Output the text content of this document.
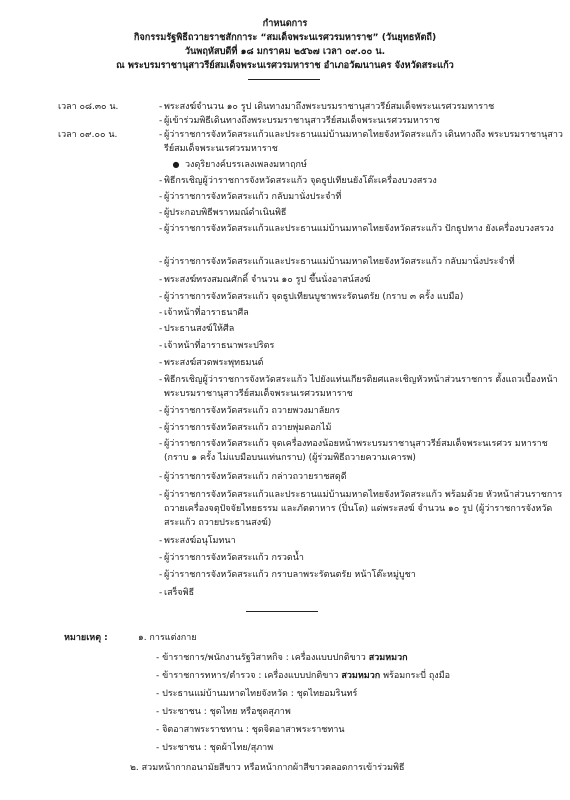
กำหนดการ
กิจกรรมรัฐพิธีถวายราชสักการะ “สมเด็จพระนเรศวรมหาราช” (วันยุทธหัตถี)
วันพฤหัสบดีที่ ๑๘ มกราคม ๒๕๖๗ เวลา ๐๙.๐๐ น.
ณ พระบรมราชานุสาวรีย์สมเด็จพระนเรศวรมหาราช อำเภอวัฒนานคร จังหวัดสระแก้ว
เวลา ๐๘.๓๐ น.
เวลา ๐๙.๐๐ น.
- พระสงฆ์จำนวน ๑๐ รูป เดินทางมาถึงพระบรมราชานุสาวรีย์สมเด็จพระนเรศวรมหาราช
- ผู้เข้าร่วมพิธีเดินทางถึงพระบรมราชานุสาวรีย์สมเด็จพระนเรศวรมหาราช
- ผู้ว่าราชการจังหวัดสระแก้วและประธานแม่บ้านมหาดไทยจังหวัดสระแก้ว เดินทางถึง พระบรมราชานุสาวรีย์สมเด็จพระนเรศวรมหาราช
● วงดุริยางค์บรรเลงเพลงมหาฤกษ์
- พิธีกรเชิญผู้ว่าราชการจังหวัดสระแก้ว จุดธูปเทียนยังโต๊ะเครื่องบวงสรวง
- ผู้ว่าราชการจังหวัดสระแก้ว กลับมานั่งประจำที่
- ผู้ประกอบพิธีพราหมณ์ดำเนินพิธี
- ผู้ว่าราชการจังหวัดสระแก้วและประธานแม่บ้านมหาดไทยจังหวัดสระแก้ว ปักธูปหาง ยังเครื่องบวงสรวง
- ผู้ว่าราชการจังหวัดสระแก้วและประธานแม่บ้านมหาดไทยจังหวัดสระแก้ว กลับมานั่งประจำที่
- พระสงฆ์ทรงสมณศักดิ์ จำนวน ๑๐ รูป ขึ้นนั่งอาสน์สงฆ์
- ผู้ว่าราชการจังหวัดสระแก้ว จุดธูปเทียนบูชาพระรัตนตรัย (กราบ ๓ ครั้ง แบมือ)
- เจ้าหน้าที่อาราธนาศีล
- ประธานสงฆ์ให้ศีล
- เจ้าหน้าที่อาราธนาพระปริตร
- พระสงฆ์สวดพระพุทธมนต์
- พิธีกรเชิญผู้ว่าราชการจังหวัดสระแก้ว ไปยังแท่นเกียรติยศและเชิญหัวหน้าส่วนราชการ ตั้งแถวเบื้องหน้าพระบรมราชานุสาวรีย์สมเด็จพระนเรศวรมหาราช
- ผู้ว่าราชการจังหวัดสระแก้ว ถวายพวงมาลัยกร
- ผู้ว่าราชการจังหวัดสระแก้ว ถวายพุ่มดอกไม้
- ผู้ว่าราชการจังหวัดสระแก้ว จุดเครื่องทองน้อยหน้าพระบรมราชานุสาวรีย์สมเด็จพระนเรศวร มหาราช (กราบ ๑ ครั้ง ไม่แบมือบนแท่นกราบ) (ผู้ร่วมพิธีถวายความเคารพ)
- ผู้ว่าราชการจังหวัดสระแก้ว กล่าวถวายราชสดุดี
- ผู้ว่าราชการจังหวัดสระแก้วและประธานแม่บ้านมหาดไทยจังหวัดสระแก้ว พร้อมด้วย หัวหน้าส่วนราชการ ถวายเครื่องจตุปัจจัยไทยธรรม และภัตตาหาร (ปิ่นโต) แด่พระสงฆ์ จำนวน ๑๐ รูป (ผู้ว่าราชการจังหวัดสระแก้ว ถวายประธานสงฆ์)
- พระสงฆ์อนุโมทนา
- ผู้ว่าราชการจังหวัดสระแก้ว กรวดน้ำ
- ผู้ว่าราชการจังหวัดสระแก้ว กราบลาพระรัตนตรัย หน้าโต๊ะหมู่บูชา
- เสร็จพิธี
หมายเหตุ :	๑. การแต่งกาย
- ข้าราชการ/พนักงานรัฐวิสาหกิจ : เครื่องแบบปกติขาว สวมหมวก
- ข้าราชการทหาร/ตำรวจ : เครื่องแบบปกติขาว สวมหมวก พร้อมกระบี่ ถุงมือ
- ประธานแม่บ้านมหาดไทยจังหวัด : ชุดไทยอมรินทร์
- ประชาชน : ชุดไทย หรือชุดสุภาพ
- จิตอาสาพระราชทาน : ชุดจิตอาสาพระราชทาน
- ประชาชน : ชุดผ้าไทย/สุภาพ
๒. สวมหน้ากากอนามัยสีขาว หรือหน้ากากผ้าสีขาวตลอดการเข้าร่วมพิธี
